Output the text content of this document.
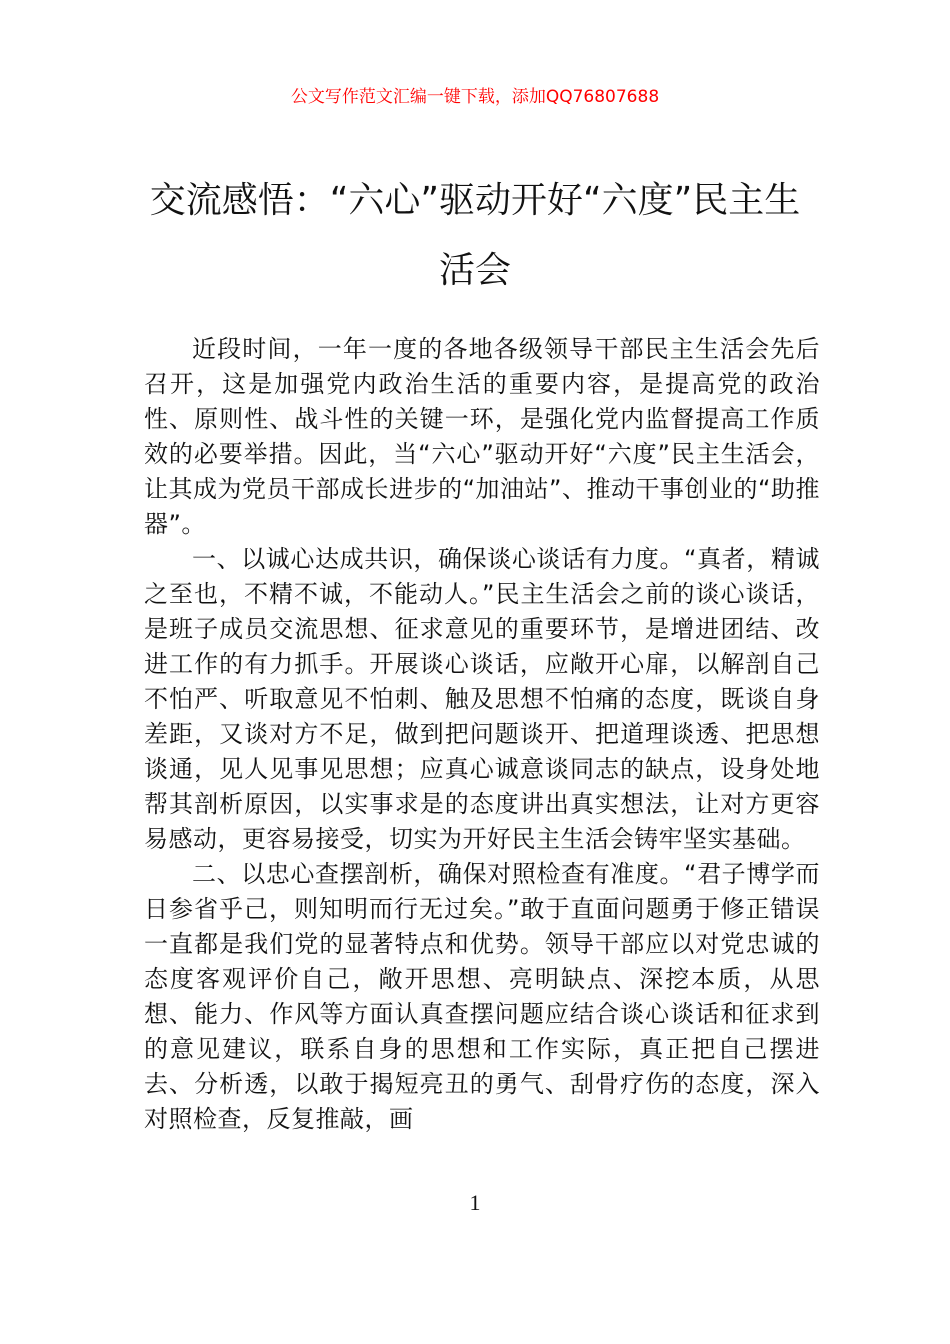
公文写作范文汇编一键下载，添加QQ76807688
交流感悟：“六心”驱动开好“六度”民主生活会

近段时间，一年一度的各地各级领导干部民主生活会先后召开，这是加强党内政治生活的重要内容，是提高党的政治性、原则性、战斗性的关键一环，是强化党内监督提高工作质效的必要举措。因此，当“六心”驱动开好“六度”民主生活会，让其成为党员干部成长进步的“加油站”、推动干事创业的“助推器”。

一、以诚心达成共识，确保谈心谈话有力度。“真者，精诚之至也，不精不诚，不能动人。”民主生活会之前的谈心谈话，是班子成员交流思想、征求意见的重要环节，是增进团结、改进工作的有力抓手。开展谈心谈话，应敞开心扉，以解剖自己不怕严、听取意见不怕刺、触及思想不怕痛的态度，既谈自身差距，又谈对方不足，做到把问题谈开、把道理谈透、把思想谈通，见人见事见思想；应真心诚意谈同志的缺点，设身处地帮其剖析原因，以实事求是的态度讲出真实想法，让对方更容易感动，更容易接受，切实为开好民主生活会铸牢坚实基础。

二、以忠心查摆剖析，确保对照检查有准度。“君子博学而日参省乎己，则知明而行无过矣。”敢于直面问题勇于修正错误一直都是我们党的显著特点和优势。领导干部应以对党忠诚的态度客观评价自己，敞开思想、亮明缺点、深挖本质，从思想、能力、作风等方面认真查摆问题应结合谈心谈话和征求到的意见建议，联系自身的思想和工作实际，真正把自己摆进去、分析透，以敢于揭短亮丑的勇气、刮骨疗伤的态度，深入对照检查，反复推敲，画

1
